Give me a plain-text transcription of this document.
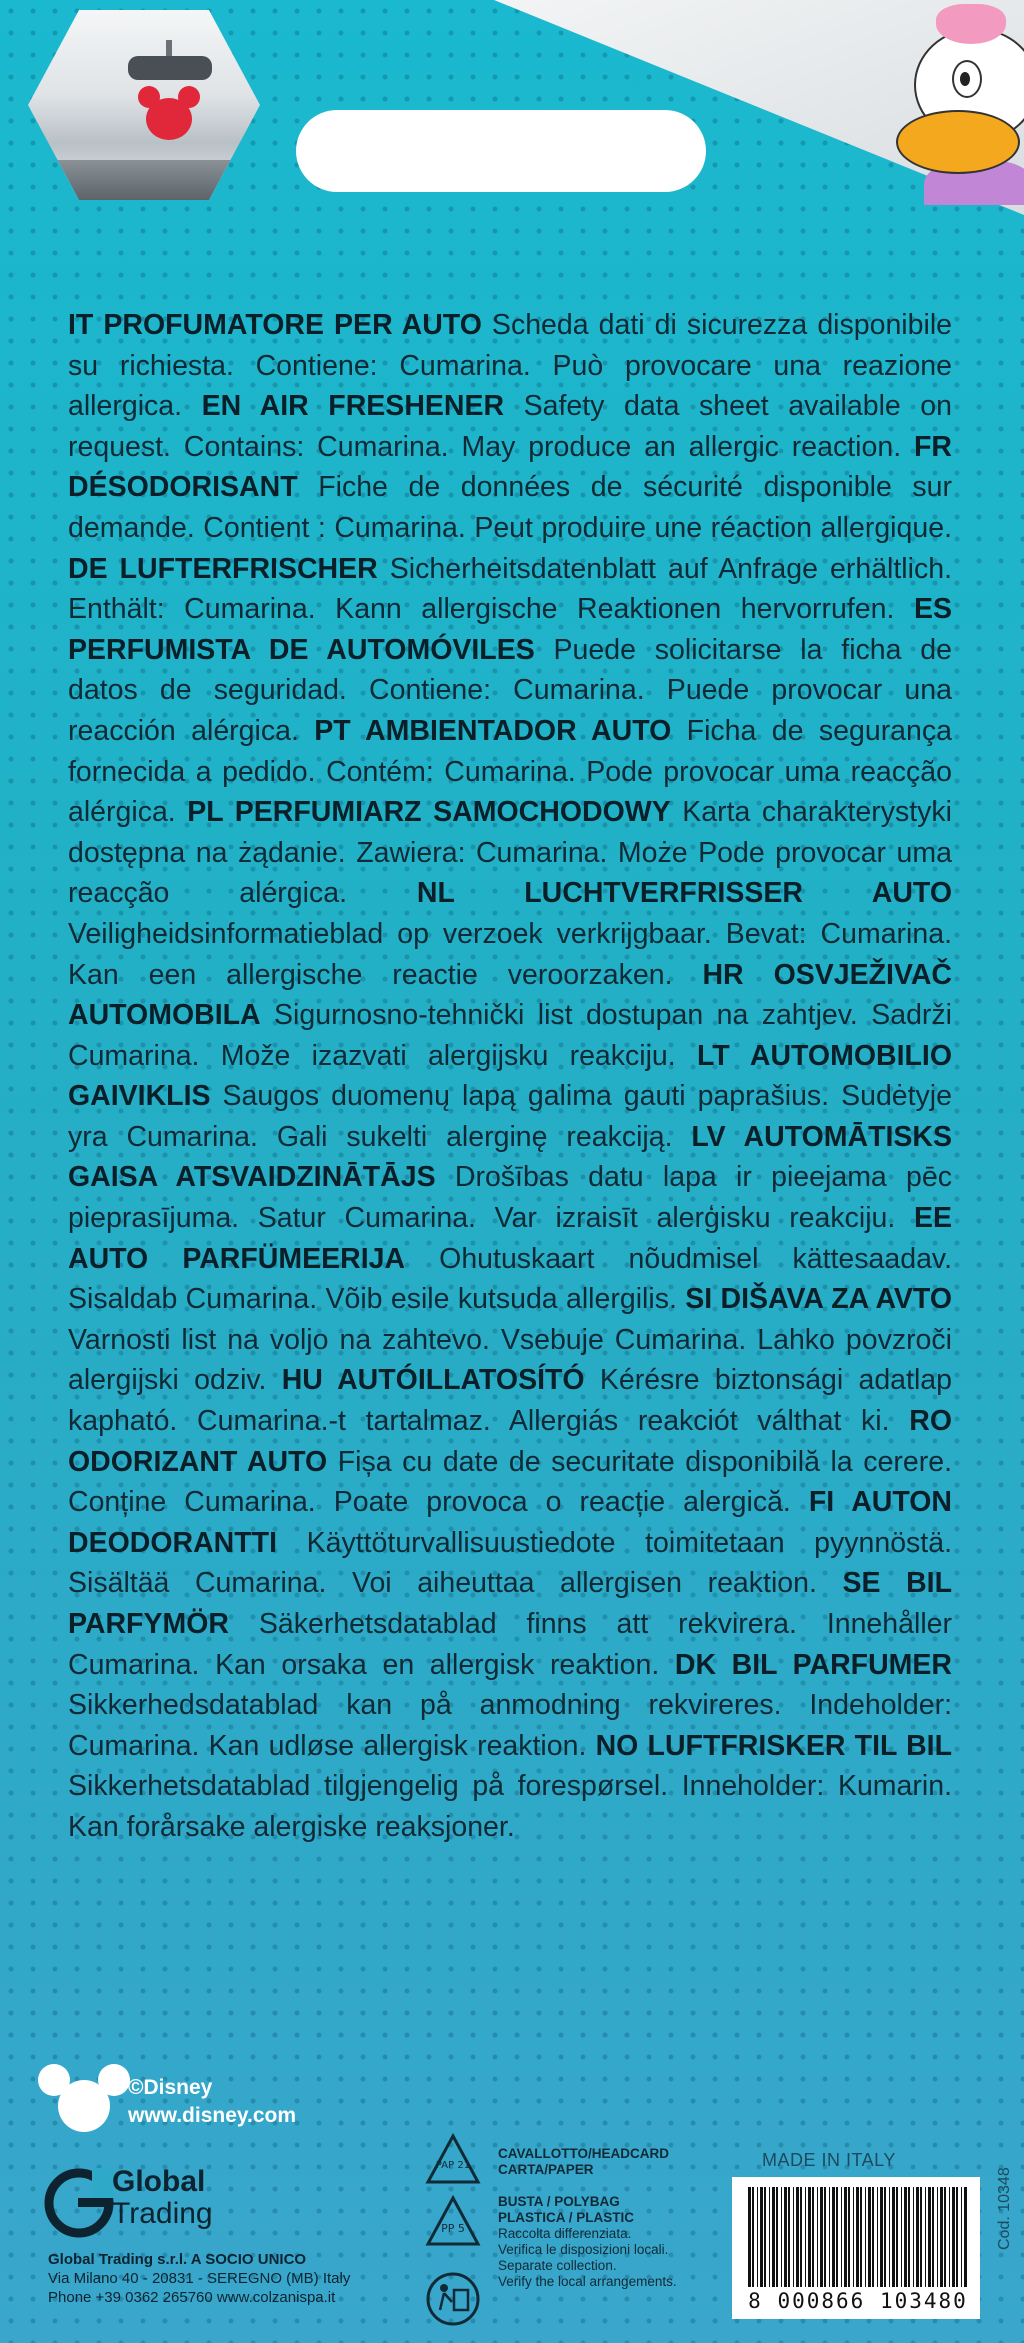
IT PROFUMATORE PER AUTO Scheda dati di sicurezza disponibile su richiesta. Contiene: Cumarina. Può provocare una reazione allergica. EN AIR FRESHENER Safety data sheet available on request. Contains: Cumarina. May produce an allergic reaction. FR DÉSODORISANT Fiche de données de sécurité disponible sur demande. Contient : Cumarina. Peut produire une réaction allergique. DE LUFTERFRISCHER Sicherheitsdatenblatt auf Anfrage erhältlich. Enthält: Cumarina. Kann allergische Reaktionen hervorrufen. ES PERFUMISTA DE AUTOMÓVILES Puede solicitarse la ficha de datos de seguridad. Contiene: Cumarina. Puede provocar una reacción alérgica. PT AMBIENTADOR AUTO Ficha de segurança fornecida a pedido. Contém: Cumarina. Pode provocar uma reacção alérgica. PL PERFUMIARZ SAMOCHODOWY Karta charakterystyki dostępna na żądanie. Zawiera: Cumarina. Może Pode provocar uma reacção alérgica. NL LUCHTVERFRISSER AUTO Veiligheidsinformatieblad op verzoek verkrijgbaar. Bevat: Cumarina. Kan een allergische reactie veroorzaken. HR OSVJEŽIVAČ AUTOMOBILA Sigurnosno-tehnički list dostupan na zahtjev. Sadrži Cumarina. Može izazvati alergijsku reakciju. LT AUTOMOBILIO GAIVIKLIS Saugos duomenų lapą galima gauti paprašius. Sudėtyje yra Cumarina. Gali sukelti alerginę reakciją. LV AUTOMĀTISKS GAISA ATSVAIDZINĀTĀJS Drošības datu lapa ir pieejama pēc pieprasījuma. Satur Cumarina. Var izraisīt alerģisku reakciju. EE AUTO PARFÜMEERIJA Ohutuskaart nõudmisel kättesaadav. Sisaldab Cumarina. Võib esile kutsuda allergilis. SI DIŠAVA ZA AVTO Varnosti list na voljo na zahtevo. Vsebuje Cumarina. Lahko povzroči alergijski odziv. HU AUTÓILLATOSÍTÓ Kérésre biztonsági adatlap kapható. Cumarina.-t tartalmaz. Allergiás reakciót válthat ki. RO ODORIZANT AUTO Fișa cu date de securitate disponibilă la cerere. Conține Cumarina. Poate provoca o reacție alergică. FI AUTON DEODORANTTI Käyttöturvallisuustiedote toimitetaan pyynnöstä. Sisältää Cumarina. Voi aiheuttaa allergisen reaktion. SE BIL PARFYMÖR Säkerhetsdatablad finns att rekvirera. Innehåller Cumarina. Kan orsaka en allergisk reaktion. DK BIL PARFUMER Sikkerhedsdatablad kan på anmodning rekvireres. Indeholder: Cumarina. Kan udløse allergisk reaktion. NO LUFTFRISKER TIL BIL Sikkerhetsdatablad tilgjengelig på forespørsel. Inneholder: Kumarin. Kan forårsake alergiske reaksjoner.

©Disney
www.disney.com
Global
Trading
Global Trading s.r.l. A SOCIO UNICO
Via Milano 40 - 20831 - SEREGNO (MB) Italy
Phone +39 0362 265760 www.colzanispa.it
PAP 21
CAVALLOTTO/HEADCARD
CARTA/PAPER
PP 5
BUSTA / POLYBAG
PLASTICA / PLASTIC
Raccolta differenziata.
Verifica le disposizioni locali.
Separate collection.
Verify the local arrangements.
MADE IN ITALY
8 000866 103480
Cod. 10348
